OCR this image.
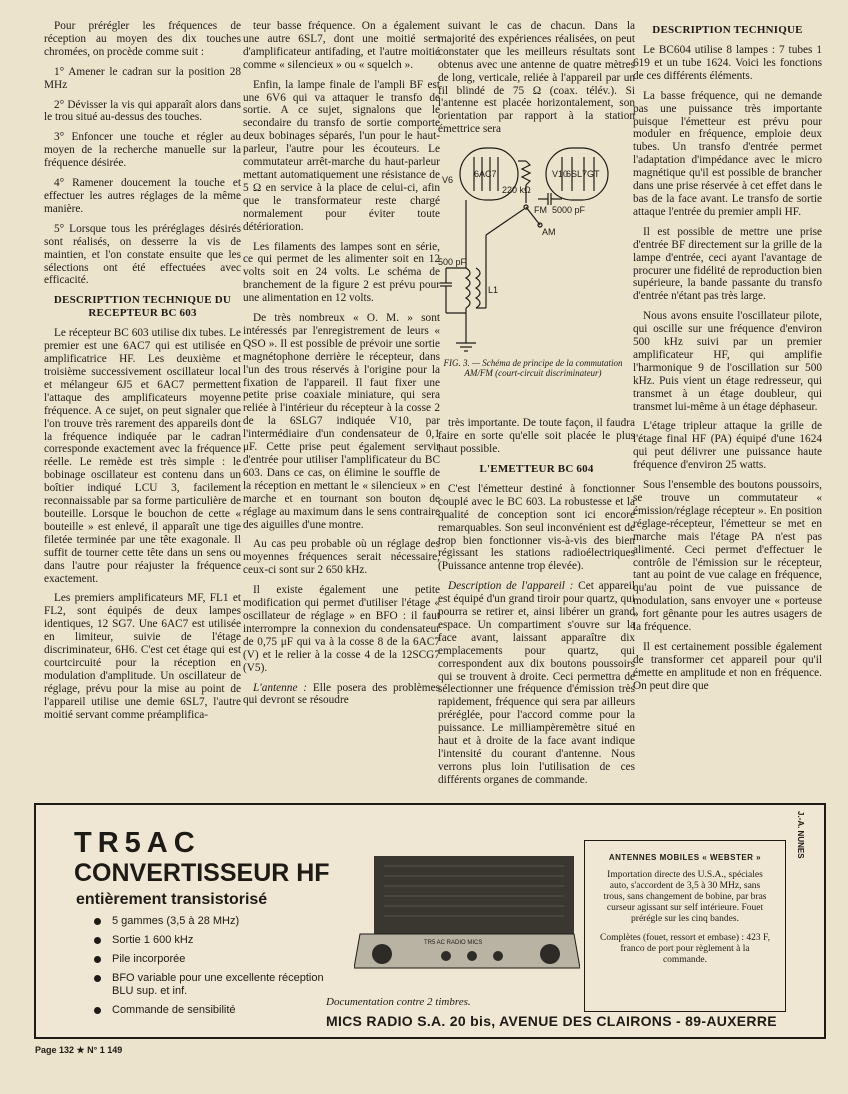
Pour prérégler les fréquences de réception au moyen des dix touches chromées, on procède comme suit :

1° Amener le cadran sur la position 28 MHz

2° Dévisser la vis qui apparaît alors dans le trou situé au-dessus des touches.

3° Enfoncer une touche et régler au moyen de la recherche manuelle sur la fréquence désirée.

4° Ramener doucement la touche et effectuer les autres réglages de la même manière.

5° Lorsque tous les préréglages désirés sont réalisés, on desserre la vis de maintien, et l'on constate ensuite que les sélections ont été effectuées avec efficacité.

DESCRIPTTION TECHNIQUE DU RECEPTEUR BC 603

Le récepteur BC 603 utilise dix tubes. Le premier est une 6AC7 qui est utilisée en amplificatrice HF. Les deuxième et troisième successivement oscillateur local et mélangeur 6J5 et 6AC7 permettent l'attaque des amplificateurs moyenne fréquence. A ce sujet, on peut signaler que l'on trouve très rarement des appareils dont la fréquence indiquée par le cadran corresponde exactement avec la fréquence réelle. Le remède est très simple : le bobinage oscillateur est contenu dans un boîtier indiqué LCU 3, facilement reconnaissable par sa forme particulière de bouteille. Lorsque le bouchon de cette « bouteille » est enlevé, il apparaît une tige filetée terminée par une tête exagonale. Il suffit de tourner cette tête dans un sens ou dans l'autre pour réajuster la fréquence exactement.

Les premiers amplificateurs MF, FL1 et FL2, sont équipés de deux lampes identiques, 12 SG7. Une 6AC7 est utilisée en limiteur, suivie de l'étage discriminateur, 6H6. C'est cet étage qui est courtcircuité pour la réception en modulation d'amplitude. Un oscillateur de réglage, prévu pour la mise au point de l'appareil utilise une demie 6SL7, l'autre moitié servant comme préamplifica-

teur basse fréquence. On a également une autre 6SL7, dont une moitié sert d'amplificateur antifading, et l'autre moitié comme « silencieux » ou « squelch ».

Enfin, la lampe finale de l'ampli BF est une 6V6 qui va attaquer le transfo de sortie. A ce sujet, signalons que le secondaire du transfo de sortie comporte deux bobinages séparés, l'un pour le haut-parleur, l'autre pour les écouteurs. Le commutateur arrêt-marche du haut-parleur mettant automatiquement une résistance de 5 Ω en service à la place de celui-ci, afin que le transformateur reste chargé normalement pour éviter toute détérioration.

Les filaments des lampes sont en série, ce qui permet de les alimenter soit en 12 volts soit en 24 volts. Le schéma de branchement de la figure 2 est prévu pour une alimentation en 12 volts.

De très nombreux « O. M. » sont intéressés par l'enregistrement de leurs « QSO ». Il est possible de prévoir une sortie magnétophone derrière le récepteur, dans l'un des trous réservés à l'origine pour la fixation de l'appareil. Il faut fixer une petite prise coaxiale miniature, qui sera reliée à l'intérieur du récepteur à la cosse 2 de la 6SLG7 indiquée V10, par l'intermédiaire d'un condensateur de 0,1 μF. Cette prise peut également servir d'entrée pour utiliser l'amplificateur du BC 603. Dans ce cas, on élimine le souffle de la réception en mettant le « silencieux » en marche et en tournant son bouton de réglage au maximum dans le sens contraire des aiguilles d'une montre.

Au cas peu probable où un réglage des moyennes fréquences serait nécessaire, ceux-ci sont sur 2 650 kHz.

Il existe également une petite modification qui permet d'utiliser l'étage « oscillateur de réglage » en BFO : il faut interrompre la connexion du condensateur de 0,75 μF qui va à la cosse 8 de la 6AC7 (V) et le relier à la cosse 4 de la 12SCG7 (V5).

L'antenne : Elle posera des problèmes qui devront se résoudre

suivant le cas de chacun. Dans la majorité des expériences réalisées, on peut constater que les meilleurs résultats sont obtenus avec une antenne de quatre mètres de long, verticale, reliée à l'appareil par un fil blindé de 75 Ω (coax. télév.). Si l'antenne est placée horizontalement, son orientation par rapport à la station émettrice sera

V6
6AC7	V10
6SL7GT
FM
AM
220 kΩ
5000 pF
500 pF
L1
FIG. 3. — Schéma de principe de la commutation AM/FM (court-circuit discriminateur)

très importante. De toute façon, il faudra faire en sorte qu'elle soit placée le plus haut possible.

L'EMETTEUR BC 604

C'est l'émetteur destiné à fonctionner couplé avec le BC 603. La robustesse et la qualité de conception sont ici encore remarquables. Son seul inconvénient est de trop bien fonctionner vis-à-vis des bien régissant les stations radioélectriques (Puissance antenne trop élevée).

Description de l'appareil : Cet appareil est équipé d'un grand tiroir pour quartz, qui pourra se retirer et, ainsi libérer un grand espace. Un compartiment s'ouvre sur la face avant, laissant apparaître dix emplacements pour quartz, qui correspondent aux dix boutons poussoirs qui se trouvent à droite. Ceci permettra de sélectionner une fréquence d'émission très rapidement, fréquence qui sera par ailleurs préréglée, pour l'accord comme pour la puissance. Le milliampèremètre situé en haut et à droite de la face avant indique l'intensité du courant d'antenne. Nous verrons plus loin l'utilisation de ces différents organes de commande.

DESCRIPTION TECHNIQUE

Le BC604 utilise 8 lampes : 7 tubes 1 619 et un tube 1624. Voici les fonctions de ces différents éléments.

La basse fréquence, qui ne demande pas une puissance très importante puisque l'émetteur est prévu pour moduler en fréquence, emploie deux tubes. Un transfo d'entrée permet l'adaptation d'impédance avec le micro magnétique qu'il est possible de brancher dans une prise réservée à cet effet dans le bas de la face avant. Le transfo de sortie attaque l'entrée du premier ampli HF.

Il est possible de mettre une prise d'entrée BF directement sur la grille de la lampe d'entrée, ceci ayant l'avantage de procurer une fidélité de reproduction bien supérieure, la bande passante du transfo d'entrée n'étant pas très large.

Nous avons ensuite l'oscillateur pilote, qui oscille sur une fréquence d'environ 500 kHz suivi par un premier amplificateur HF, qui amplifie l'harmonique 9 de l'oscillation sur 500 kHz. Puis vient un étage redresseur, qui transmet à un étage doubleur, qui transmet lui-même à un étage déphaseur.

L'étage tripleur attaque la grille de l'étage final HF (PA) équipé d'une 1624 qui peut délivrer une puissance haute fréquence d'environ 25 watts.

Sous l'ensemble des boutons poussoirs, se trouve un commutateur « émission/réglage récepteur ». En position réglage-récepteur, l'émetteur se met en marche mais l'étage PA n'est pas alimenté. Ceci permet d'effectuer le contrôle de l'émission sur le récepteur, tant au point de vue calage en fréquence, qu'au point de vue puissance de modulation, sans envoyer une « porteuse » fort gênante pour les autres usagers de la fréquence.

Il est certainement possible également de transformer cet appareil pour qu'il émette en amplitude et non en fréquence. On peut dire que

TR5AC
CONVERTISSEUR HF
entièrement transistorisé
5 gammes (3,5 à 28 MHz)
Sortie 1 600 kHz
Pile incorporée
BFO variable pour une excellente réception BLU sup. et inf.
Commande de sensibilité
TR5 AC RADIO MICS
Documentation contre 2 timbres.
MICS RADIO S.A. 20 bis, AVENUE DES CLAIRONS - 89-AUXERRE
ANTENNES MOBILES « WEBSTER »

Importation directe des U.S.A., spéciales auto, s'accordent de 3,5 à 30 MHz, sans trous, sans changement de bobine, par bras curseur agissant sur self intérieure. Fouet prérégle sur les cinq bandes.

Complètes (fouet, ressort et embase) : 423 F, franco de port pour règlement à la commande.

J.-A. NUNES
Page 132 ★ N° 1 149
